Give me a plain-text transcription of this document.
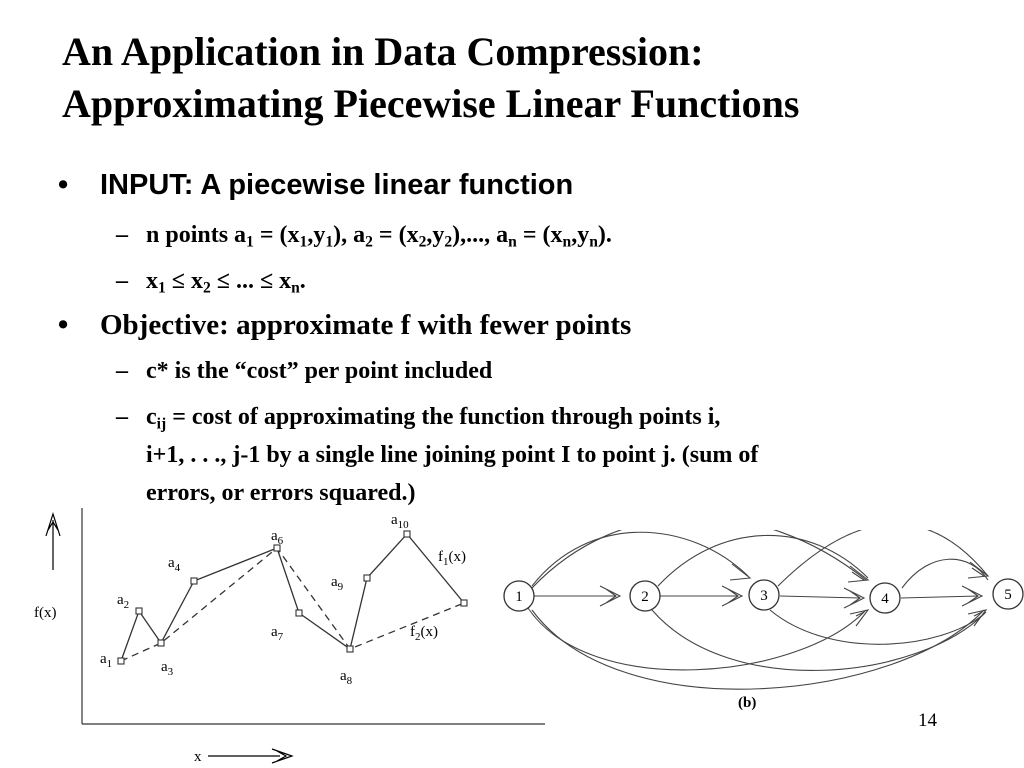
An Application in Data Compression:
Approximating Piecewise Linear Functions
• INPUT: A piecewise linear function
– n points $a_1 = (x_1,y_1)$, $a_2 = (x_2,y_2)$,..., $a_n = (x_n,y_n)$.
– $x_1 \le x_2$ ≤ ... ≤ $x_n$.
• Objective: approximate f with fewer points
– c* is the “cost” per point included
– $c_{ij} = \cos t$ of approximating the function through points i,
i+1, . . ., j-1 by a single line joining point I to point j. (sum of
errors, or errors squared.)
f(x)
x
$a_1$
$a_2$
$a_3$
$a_4$
$a_6$
$a_7$
$a_8$
$a_9$
$a_{10}$
$f_1(x)$
$f_2(x)$
1	2	3	4	5
(b)
14
